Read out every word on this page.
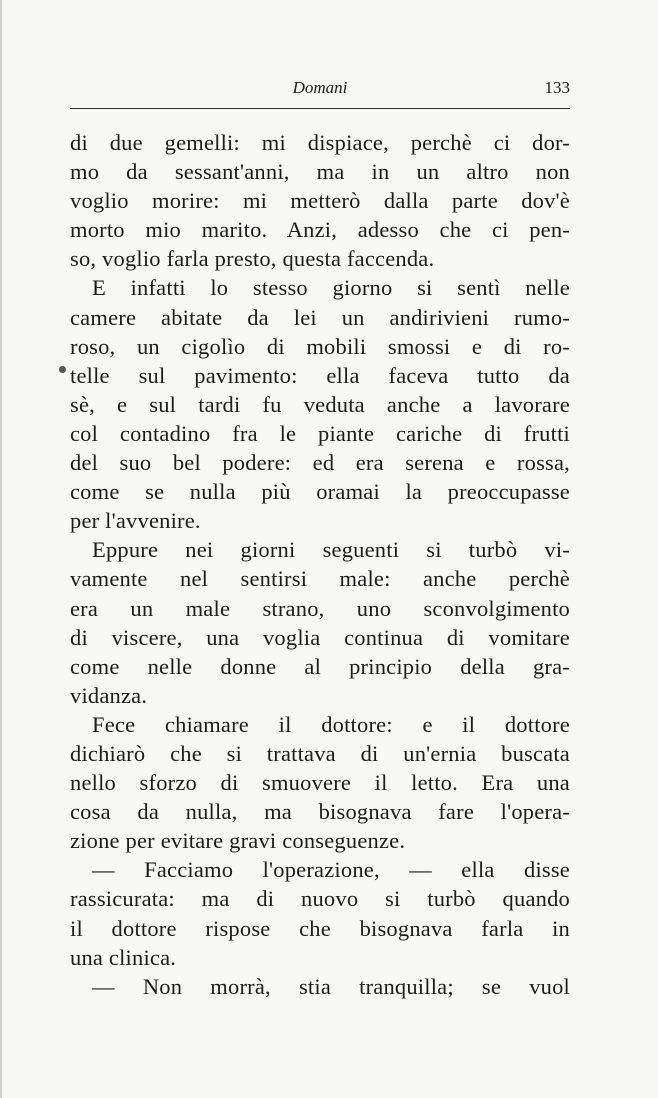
Domani	133
di due gemelli: mi dispiace, perchè ci dor-
mo da sessant'anni, ma in un altro non
voglio morire: mi metterò dalla parte dov'è
morto mio marito. Anzi, adesso che ci pen-
so, voglio farla presto, questa faccenda.
E infatti lo stesso giorno si sentì nelle
camere abitate da lei un andirivieni rumo-
roso, un cigolìo di mobili smossi e di ro-
telle sul pavimento: ella faceva tutto da
sè, e sul tardi fu veduta anche a lavorare
col contadino fra le piante cariche di frutti
del suo bel podere: ed era serena e rossa,
come se nulla più oramai la preoccupasse
per l'avvenire.
Eppure nei giorni seguenti si turbò vi-
vamente nel sentirsi male: anche perchè
era un male strano, uno sconvolgimento
di viscere, una voglia continua di vomitare
come nelle donne al principio della gra-
vidanza.
Fece chiamare il dottore: e il dottore
dichiarò che si trattava di un'ernia buscata
nello sforzo di smuovere il letto. Era una
cosa da nulla, ma bisognava fare l'opera-
zione per evitare gravi conseguenze.
— Facciamo l'operazione, — ella disse
rassicurata: ma di nuovo si turbò quando
il dottore rispose che bisognava farla in
una clinica.
— Non morrà, stia tranquilla; se vuol
